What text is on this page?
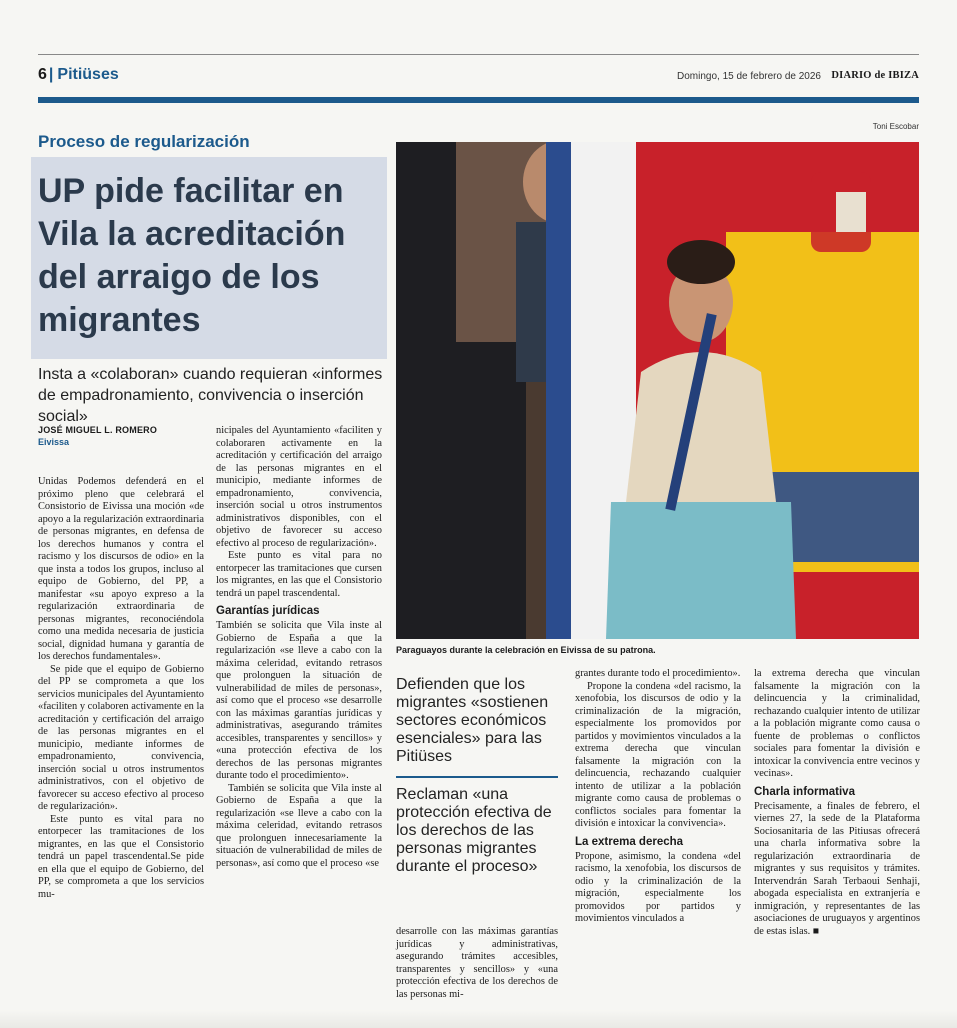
6 | Pitiüses	Domingo, 15 de febrero de 2026 DIARIO de IBIZA
Toni Escobar
Proceso de regularización
UP pide facilitar en Vila la acreditación del arraigo de los migrantes

Insta a «colaboran» cuando requieran «informes de empadronamiento, convivencia o inserción social»

JOSÉ MIGUEL L. ROMERO
Eivissa

Unidas Podemos defenderá en el próximo pleno que celebrará el Consistorio de Eivissa una moción «de apoyo a la regularización extraordinaria de personas migrantes, en defensa de los derechos humanos y contra el racismo y los discursos de odio» en la que insta a todos los grupos, incluso al equipo de Gobierno, del PP, a manifestar «su apoyo expreso a la regularización extraordinaria de personas migrantes, reconociéndola como una medida necesaria de justicia social, dignidad humana y garantía de los derechos fundamentales».

Se pide que el equipo de Gobierno del PP se comprometa a que los servicios municipales del Ayuntamiento «faciliten y colaboren activamente en la acreditación y certificación del arraigo de las personas migrantes en el municipio, mediante informes de empadronamiento, convivencia, inserción social u otros instrumentos administrativos, con el objetivo de favorecer su acceso efectivo al proceso de regularización».

Este punto es vital para no entorpecer las tramitaciones de los migrantes, en las que el Consistorio tendrá un papel trascendental.Se pide en ella que el equipo de Gobierno, del PP, se comprometa a que los servicios mu-

nicipales del Ayuntamiento «faciliten y colaboraren activamente en la acreditación y certificación del arraigo de las personas migrantes en el municipio, mediante informes de empadronamiento, convivencia, inserción social u otros instrumentos administrativos disponibles, con el objetivo de favorecer su acceso efectivo al proceso de regularización».

Este punto es vital para no entorpecer las tramitaciones que cursen los migrantes, en las que el Consistorio tendrá un papel trascendental.

Garantías jurídicas

También se solicita que Vila inste al Gobierno de España a que la regularización «se lleve a cabo con la máxima celeridad, evitando retrasos que prolonguen la situación de vulnerabilidad de miles de personas», así como que el proceso «se desarrolle con las máximas garantías jurídicas y administrativas, asegurando trámites accesibles, transparentes y sencillos» y «una protección efectiva de los derechos de las personas migrantes durante todo el procedimiento».

También se solicita que Vila inste al Gobierno de España a que la regularización «se lleve a cabo con la máxima celeridad, evitando retrasos que prolonguen innecesariamente la situación de vulnerabilidad de miles de personas», así como que el proceso «se

Paraguayos durante la celebración en Eivissa de su patrona.

Defienden que los migrantes «sostienen sectores económicos esenciales» para las Pitiüses

Reclaman «una protección efectiva de los derechos de las personas migrantes durante el proceso»

desarrolle con las máximas garantías jurídicas y administrativas, asegurando trámites accesibles, transparentes y sencillos» y «una protección efectiva de los derechos de las personas mi-

grantes durante todo el procedimiento».

Propone la condena «del racismo, la xenofobia, los discursos de odio y la criminalización de la migración, especialmente los promovidos por partidos y movimientos vinculados a la extrema derecha que vinculan falsamente la migración con la delincuencia, rechazando cualquier intento de utilizar a la población migrante como causa de problemas o conflictos sociales para fomentar la división e intoxicar la convivencia».

La extrema derecha

Propone, asimismo, la condena «del racismo, la xenofobia, los discursos de odio y la criminalización de la migración, especialmente los promovidos por partidos y movimientos vinculados a

la extrema derecha que vinculan falsamente la migración con la delincuencia y la criminalidad, rechazando cualquier intento de utilizar a la población migrante como causa o fuente de problemas o conflictos sociales para fomentar la división e intoxicar la convivencia entre vecinos y vecinas».

Charla informativa

Precisamente, a finales de febrero, el viernes 27, la sede de la Plataforma Sociosanitaria de las Pitiusas ofrecerá una charla informativa sobre la regularización extraordinaria de migrantes y sus requisitos y trámites. Intervendrán Sarah Terbaoui Senhaji, abogada especialista en extranjería e inmigración, y representantes de las asociaciones de uruguayos y argentinos de estas islas. ■
